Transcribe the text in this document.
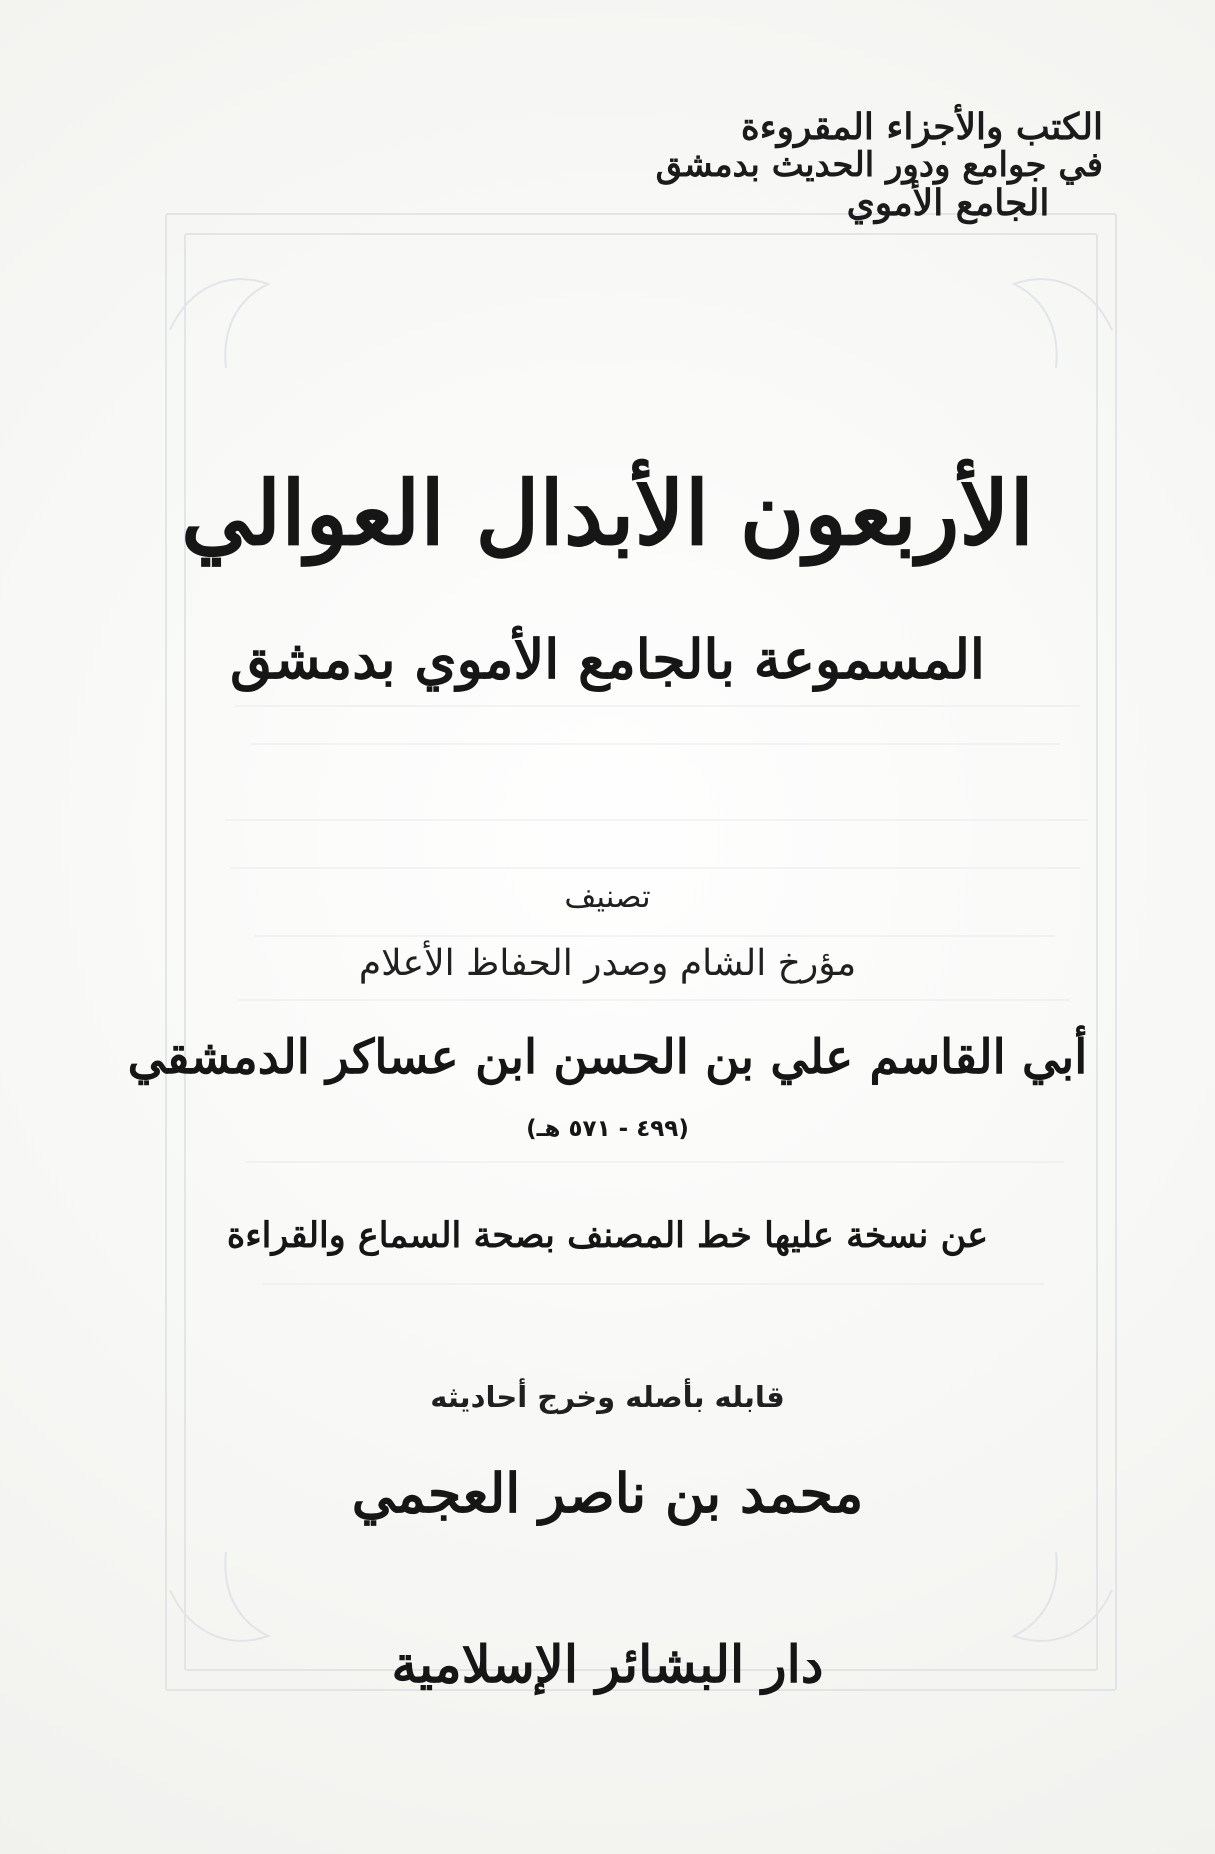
الكتب والأجزاء المقروءة
في جوامع ودور الحديث بدمشق
الجامع الأموي
الأربعون الأبدال العوالي
المسموعة بالجامع الأموي بدمشق
تصنيف
مؤرخ الشام وصدر الحفاظ الأعلام
أبي القاسم علي بن الحسن ابن عساكر الدمشقي
(٤٩٩ - ٥٧١ هـ)
عن نسخة عليها خط المصنف بصحة السماع والقراءة
قابله بأصله وخرج أحاديثه
محمد بن ناصر العجمي
دار البشائر الإسلامية
